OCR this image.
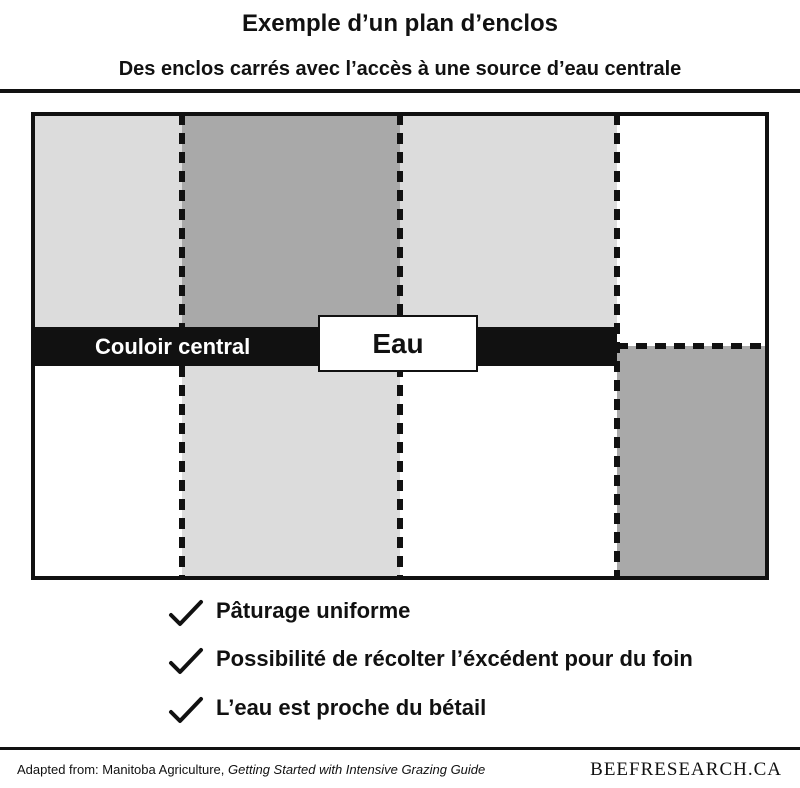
Exemple d’un plan d’enclos
Des enclos carrés avec l’accès à une source d’eau centrale
Couloir central	Eau
Pâturage uniforme
Possibilité de récolter l’éxcédent pour du foin
L’eau est proche du bétail
Adapted from: Manitoba Agriculture, Getting Started with Intensive Grazing Guide	BEEFRESEARCH.CA
